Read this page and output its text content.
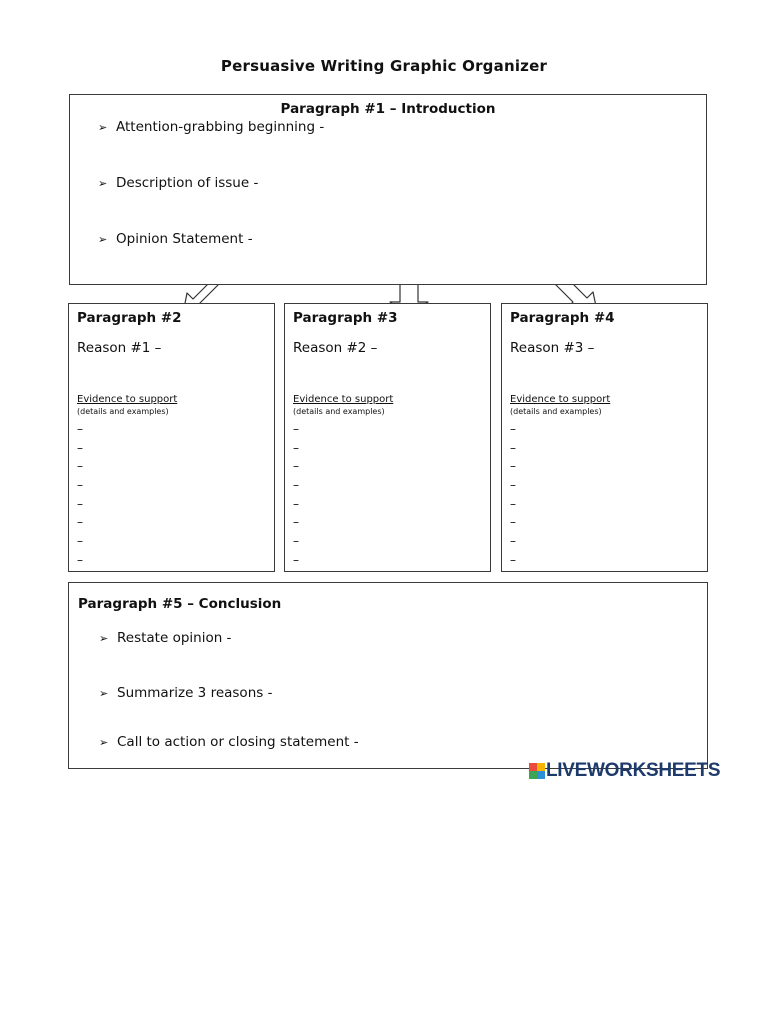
Persuasive Writing Graphic Organizer
Paragraph #1 – Introduction
➢ Attention-grabbing beginning -
➢ Description of issue -
➢ Opinion Statement -
Paragraph #2
Reason #1 –
Evidence to support
(details and examples)
–
–
–
–
–
–
–
–
Paragraph #3
Reason #2 –
Evidence to support
(details and examples)
–
–
–
–
–
–
–
–
Paragraph #4
Reason #3 –
Evidence to support
(details and examples)
–
–
–
–
–
–
–
–
Paragraph #5 – Conclusion
➢ Restate opinion -
➢ Summarize 3 reasons -
➢ Call to action or closing statement -
LIVEWORKSHEETS
